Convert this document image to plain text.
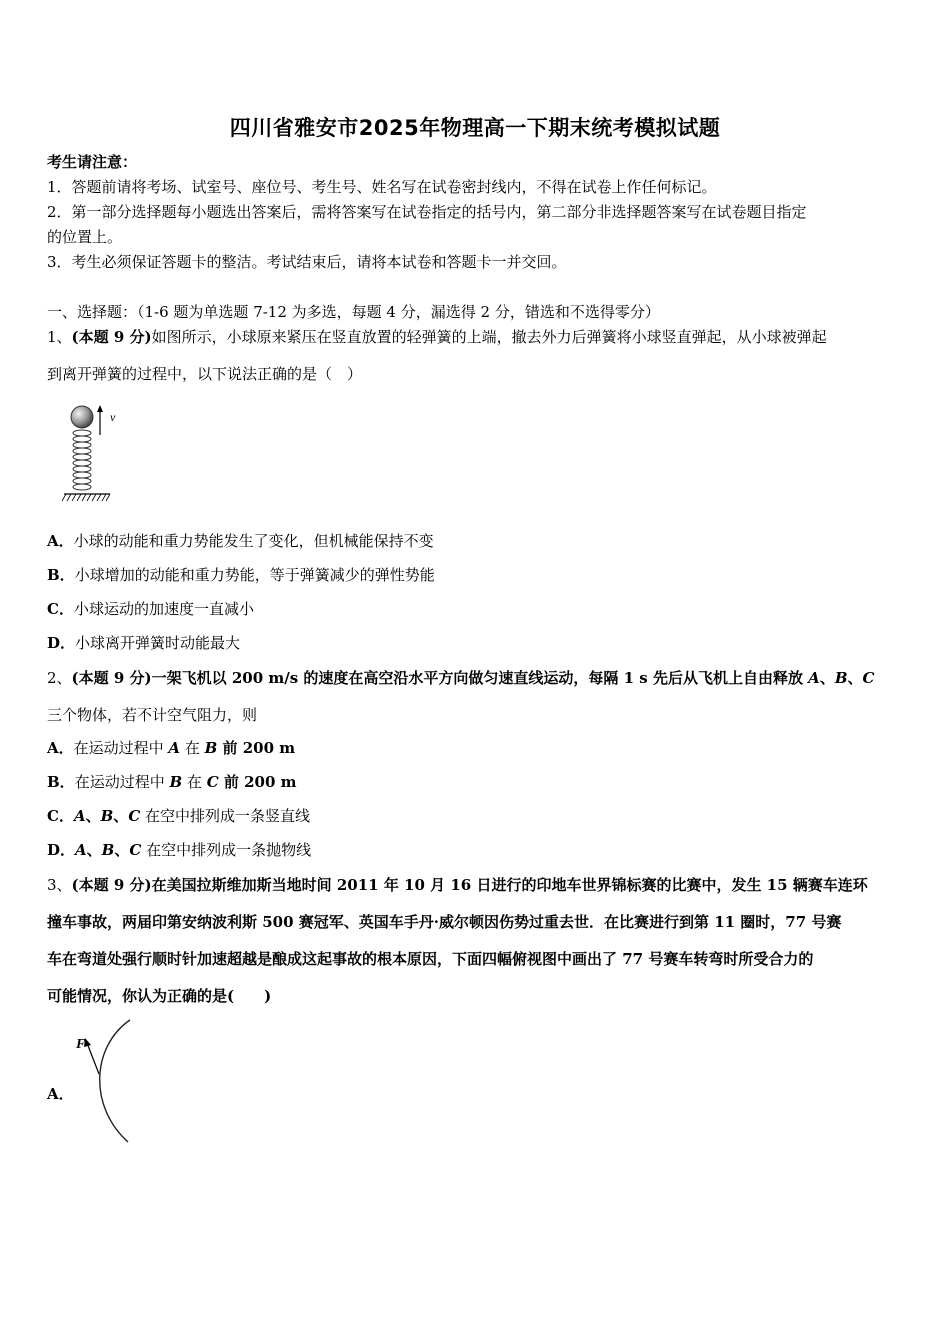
四川省雅安市2025年物理高一下期末统考模拟试题
考生请注意：
1．答题前请将考场、试室号、座位号、考生号、姓名写在试卷密封线内，不得在试卷上作任何标记。
2．第一部分选择题每小题选出答案后，需将答案写在试卷指定的括号内，第二部分非选择题答案写在试卷题目指定
的位置上。
3．考生必须保证答题卡的整洁。考试结束后，请将本试卷和答题卡一并交回。
一、选择题：（1-6 题为单选题 7-12 为多选，每题 4 分，漏选得 2 分，错选和不选得零分）
1、(本题 9 分)如图所示，小球原来紧压在竖直放置的轻弹簧的上端，撤去外力后弹簧将小球竖直弹起，从小球被弹起
到离开弹簧的过程中，以下说法正确的是（　）
v
A．小球的动能和重力势能发生了变化，但机械能保持不变
B．小球增加的动能和重力势能，等于弹簧减少的弹性势能
C．小球运动的加速度一直减小
D．小球离开弹簧时动能最大
2、(本题 9 分)一架飞机以 200 m/s 的速度在高空沿水平方向做匀速直线运动，每隔 1 s 先后从飞机上自由释放 A、B、C
三个物体，若不计空气阻力，则
A．在运动过程中 A 在 B 前 200 m
B．在运动过程中 B 在 C 前 200 m
C．A、B、C 在空中排列成一条竖直线
D．A、B、C 在空中排列成一条抛物线
3、(本题 9 分)在美国拉斯维加斯当地时间 2011 年 10 月 16 日进行的印地车世界锦标赛的比赛中，发生 15 辆赛车连环
撞车事故，两届印第安纳波利斯 500 赛冠军、英国车手丹·威尔顿因伤势过重去世．在比赛进行到第 11 圈时，77 号赛
车在弯道处强行顺时针加速超越是酿成这起事故的根本原因，下面四幅俯视图中画出了 77 号赛车转弯时所受合力的
可能情况，你认为正确的是(　　)
A．
F
